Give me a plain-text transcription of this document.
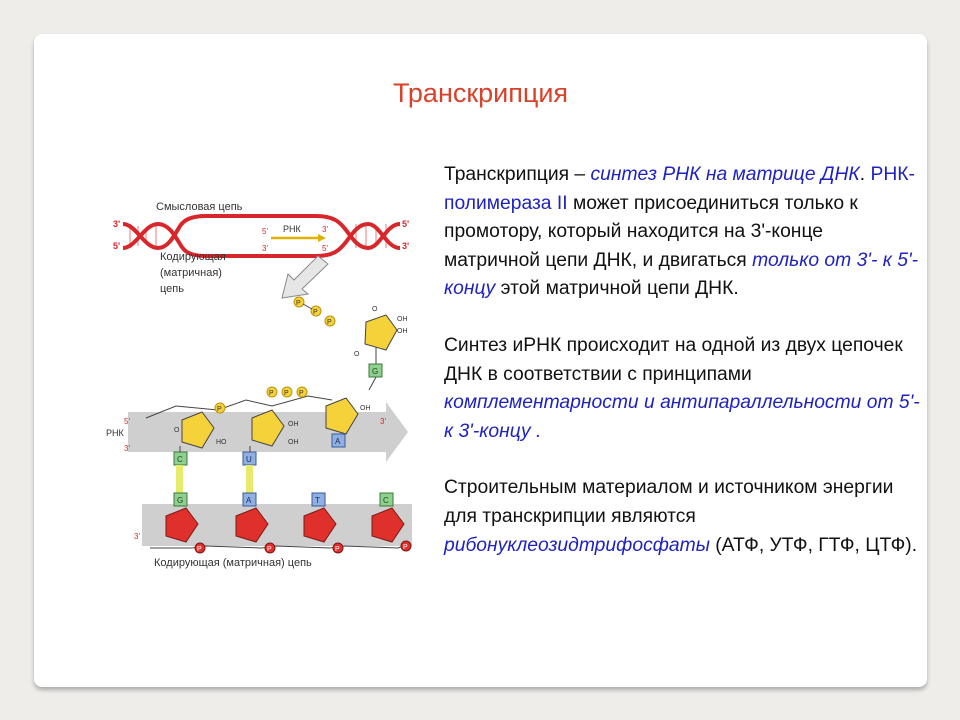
Транскрипция

Транскрипция – синтез РНК на матрице ДНК. РНК-полимераза II может присоединиться только к промотору, который находится на 3'-конце матричной цепи ДНК, и двигаться только от 3'- к 5'-концу этой матричной цепи ДНК.

Синтез иРНК происходит на одной из двух цепочек ДНК в соответствии с принципами комплементарности и антипараллельности от 5'- к 3'-концу .

Строительным материалом и источником энергии для транскрипции являются рибонуклеозидтрифосфаты (АТФ, УТФ, ГТФ, ЦТФ).

Смысловая цепь
3'
5'
5'
3'
РНК
5'	3'
3'	5'
Кодирующая
(матричная)
цепь
P
P
P
O
OH
OH
O
G
РНК
5'
3'
3'
P
P P P
O
HO
OH
OH
OH
C	U
A
3'
G	A	T	C
P	P	P	P
Кодирующая (матричная) цепь
